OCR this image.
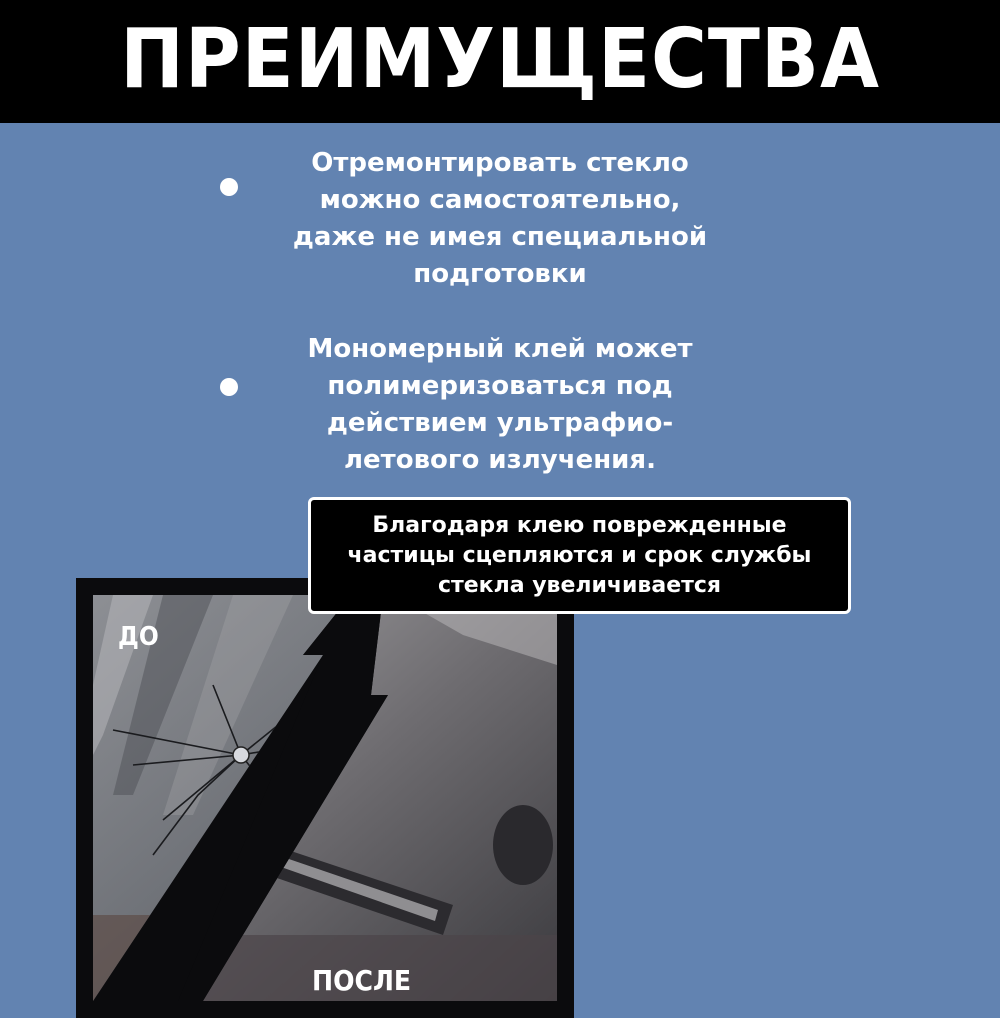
ПРЕИМУЩЕСТВА
Отремонтировать стекло
можно самостоятельно,
даже не имея специальной
подготовки
Мономерный клей может
полимеризоваться под
действием ультрафио-
летового излучения.
ДО
ПОСЛЕ
Благодаря клею поврежденные
частицы сцепляются и срок службы
стекла увеличивается
